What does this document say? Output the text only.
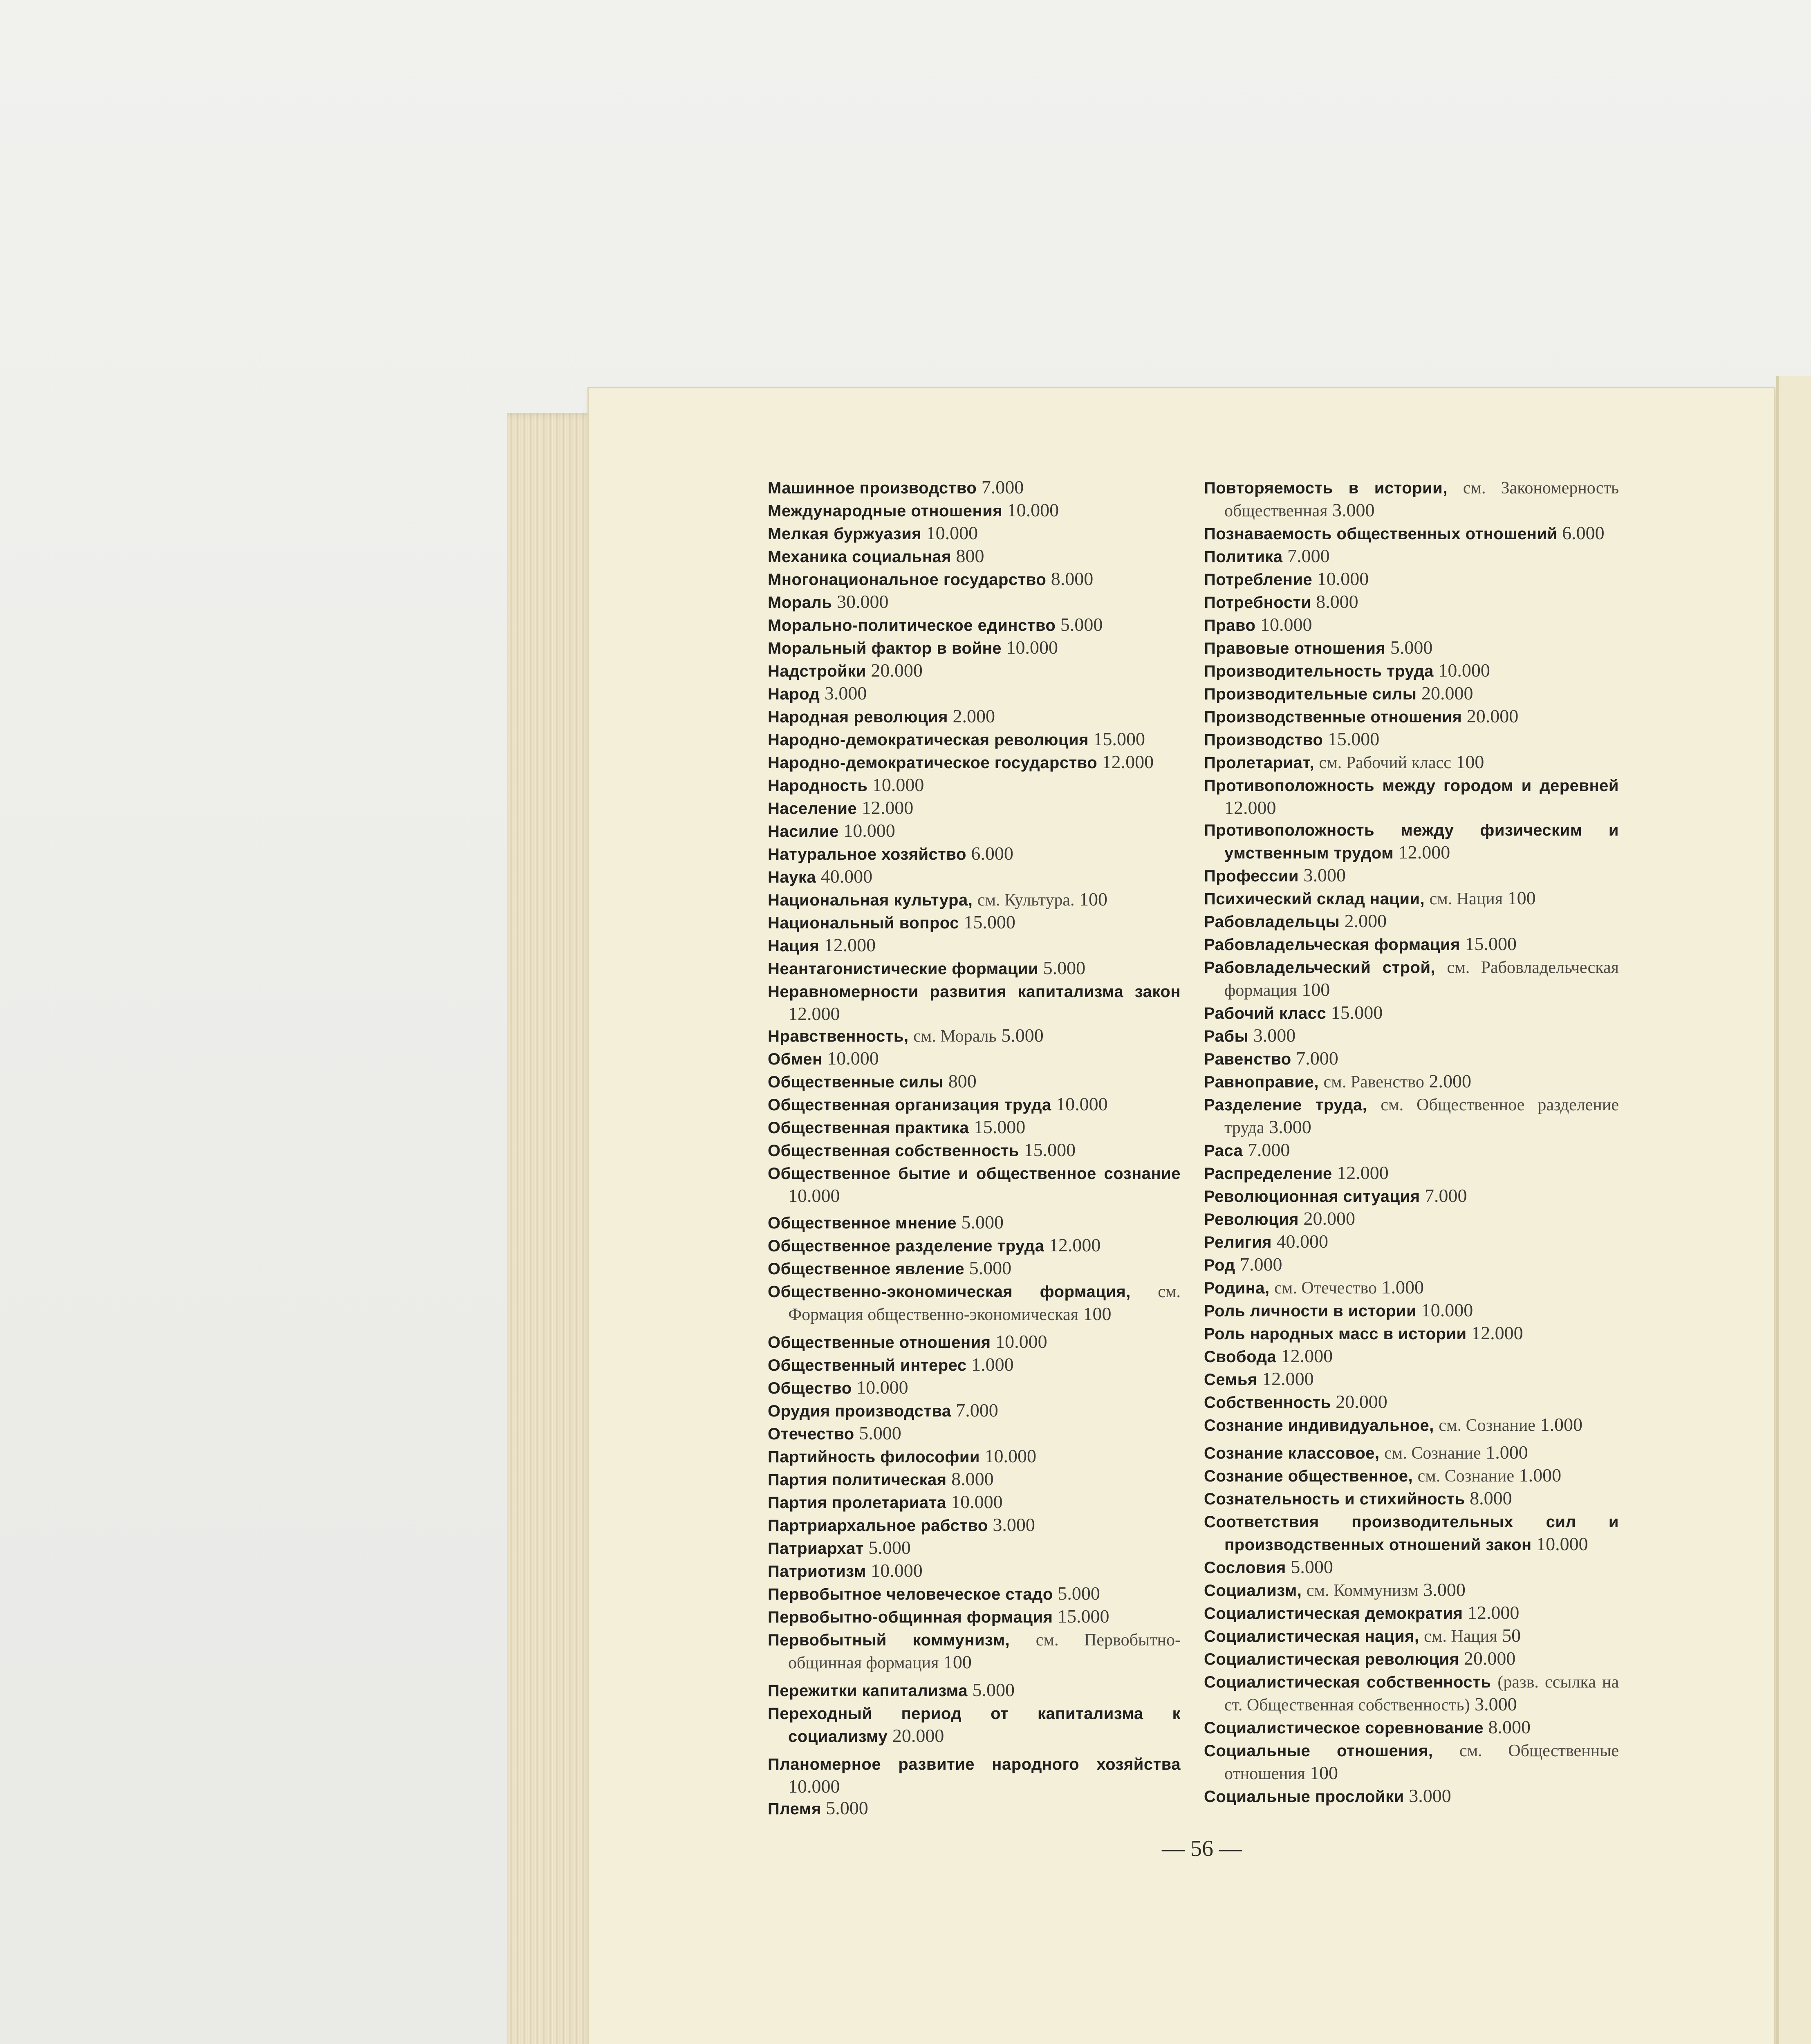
Машинное производство 7.000

Международные отношения 10.000

Мелкая буржуазия 10.000

Механика социальная 800

Многонациональное государство 8.000

Мораль 30.000

Морально-политическое единство 5.000

Моральный фактор в войне 10.000

Надстройки 20.000

Народ 3.000

Народная революция 2.000

Народно-демократическая революция 15.000

Народно-демократическое государство 12.000

Народность 10.000

Население 12.000

Насилие 10.000

Натуральное хозяйство 6.000

Наука 40.000

Национальная культура, см. Культура. 100

Национальный вопрос 15.000

Нация 12.000

Неантагонистические формации 5.000

Неравномерности развития капитализма закон 12.000

Нравственность, см. Мораль 5.000

Обмен 10.000

Общественные силы 800

Общественная организация труда 10.000

Общественная практика 15.000

Общественная собственность 15.000

Общественное бытие и общественное сознание 10.000

Общественное мнение 5.000

Общественное разделение труда 12.000

Общественное явление 5.000

Общественно-экономическая формация, см. Формация общественно-экономическая 100

Общественные отношения 10.000

Общественный интерес 1.000

Общество 10.000

Орудия производства 7.000

Отечество 5.000

Партийность философии 10.000

Партия политическая 8.000

Партия пролетариата 10.000

Партриархальное рабство 3.000

Патриархат 5.000

Патриотизм 10.000

Первобытное человеческое стадо 5.000

Первобытно-общинная формация 15.000

Первобытный коммунизм, см. Первобытно-общинная формация 100

Пережитки капитализма 5.000

Переходный период от капитализма к социализму 20.000

Планомерное развитие народного хозяйства 10.000

Племя 5.000

Повторяемость в истории, см. Закономерность общественная 3.000

Познаваемость общественных отношений 6.000

Политика 7.000

Потребление 10.000

Потребности 8.000

Право 10.000

Правовые отношения 5.000

Производительность труда 10.000

Производительные силы 20.000

Производственные отношения 20.000

Производство 15.000

Пролетариат, см. Рабочий класс 100

Противоположность между городом и деревней 12.000

Противоположность между физическим и умственным трудом 12.000

Профессии 3.000

Психический склад нации, см. Нация 100

Рабовладельцы 2.000

Рабовладельческая формация 15.000

Рабовладельческий строй, см. Рабовладельческая формация 100

Рабочий класс 15.000

Рабы 3.000

Равенство 7.000

Равноправие, см. Равенство 2.000

Разделение труда, см. Общественное разделение труда 3.000

Раса 7.000

Распределение 12.000

Революционная ситуация 7.000

Революция 20.000

Религия 40.000

Род 7.000

Родина, см. Отечество 1.000

Роль личности в истории 10.000

Роль народных масс в истории 12.000

Свобода 12.000

Семья 12.000

Собственность 20.000

Сознание индивидуальное, см. Сознание 1.000

Сознание классовое, см. Сознание 1.000

Сознание общественное, см. Сознание 1.000

Сознательность и стихийность 8.000

Соответствия производительных сил и производственных отношений закон 10.000

Сословия 5.000

Социализм, см. Коммунизм 3.000

Социалистическая демократия 12.000

Социалистическая нация, см. Нация 50

Социалистическая революция 20.000

Социалистическая собственность (разв. ссылка на ст. Общественная собственность) 3.000

Социалистическое соревнование 8.000

Социальные отношения, см. Общественные отношения 100

Социальные прослойки 3.000

— 56 —
